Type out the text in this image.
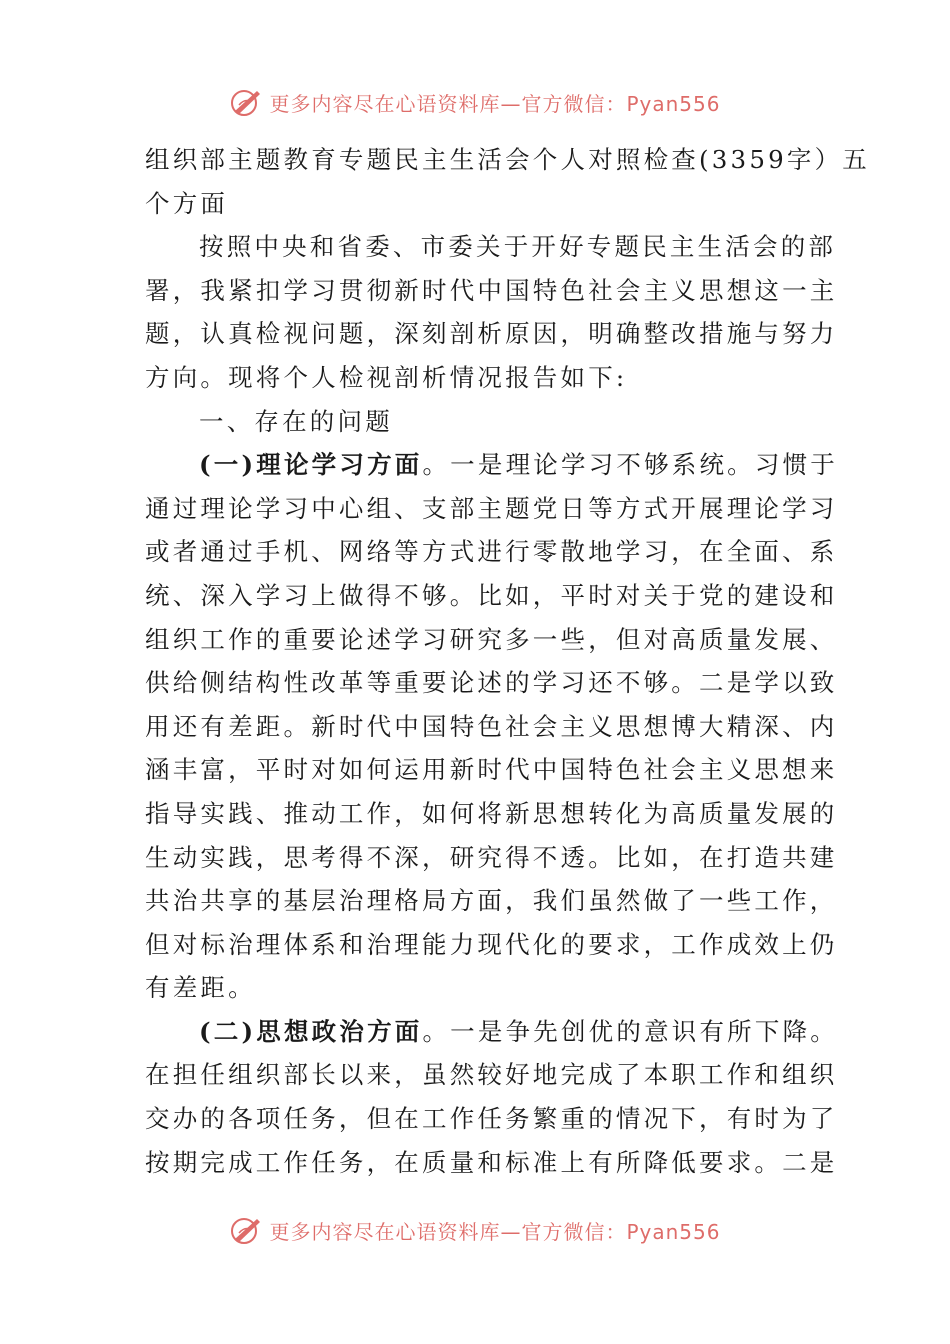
更多内容尽在心语资料库—官方微信：Pyan556
组织部主题教育专题民主生活会个人对照检查(3359字）五
个方面
按照中央和省委、市委关于开好专题民主生活会的部
署，我紧扣学习贯彻新时代中国特色社会主义思想这一主
题，认真检视问题，深刻剖析原因，明确整改措施与努力
方向。现将个人检视剖析情况报告如下:
一、存在的问题
(一)理论学习方面。一是理论学习不够系统。习惯于
通过理论学习中心组、支部主题党日等方式开展理论学习
或者通过手机、网络等方式进行零散地学习，在全面、系
统、深入学习上做得不够。比如，平时对关于党的建设和
组织工作的重要论述学习研究多一些，但对高质量发展、
供给侧结构性改革等重要论述的学习还不够。二是学以致
用还有差距。新时代中国特色社会主义思想博大精深、内
涵丰富，平时对如何运用新时代中国特色社会主义思想来
指导实践、推动工作，如何将新思想转化为高质量发展的
生动实践，思考得不深，研究得不透。比如，在打造共建
共治共享的基层治理格局方面，我们虽然做了一些工作，
但对标治理体系和治理能力现代化的要求，工作成效上仍
有差距。
(二)思想政治方面。一是争先创优的意识有所下降。
在担任组织部长以来，虽然较好地完成了本职工作和组织
交办的各项任务，但在工作任务繁重的情况下，有时为了
按期完成工作任务，在质量和标准上有所降低要求。二是
更多内容尽在心语资料库—官方微信：Pyan556
